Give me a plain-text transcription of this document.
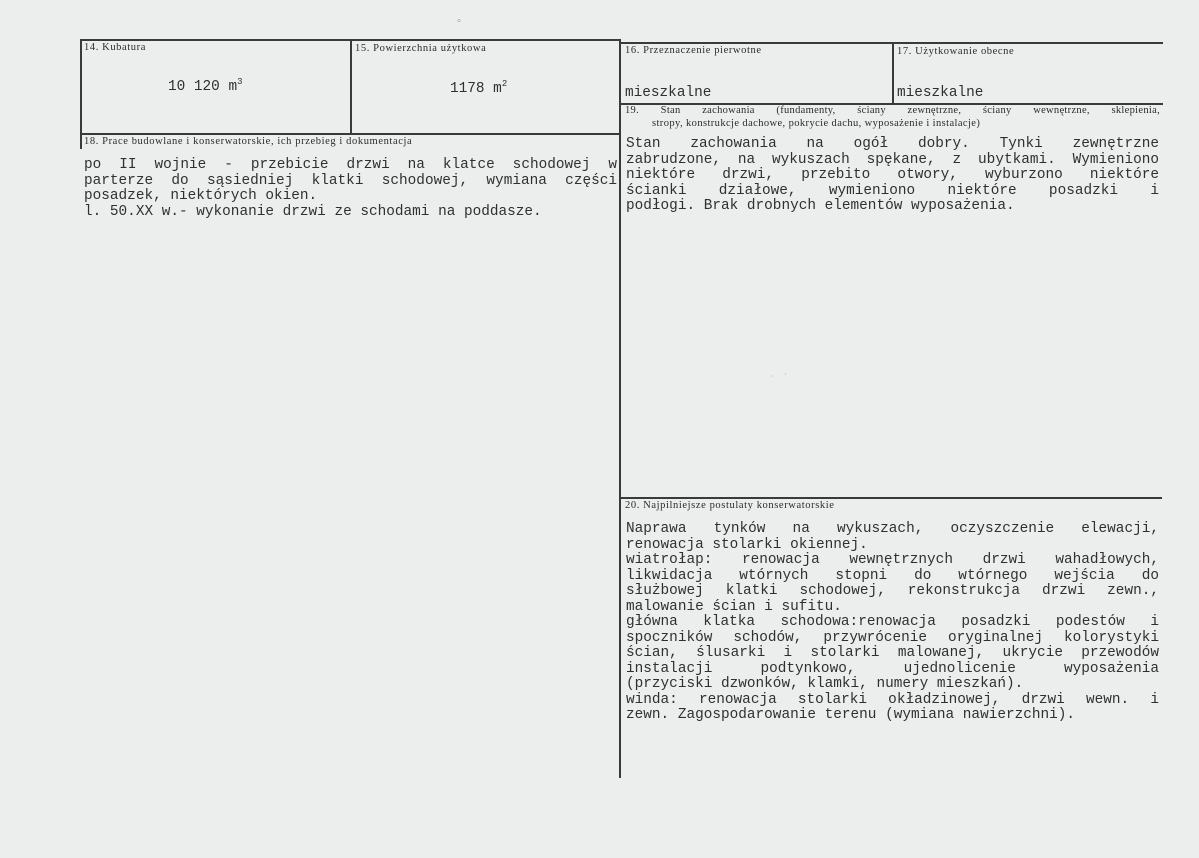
14. Kubatura
10 120 $m^3$
15. Powierzchnia użytkowa
1178 $m^2$
16. Przeznaczenie pierwotne
mieszkalne
17. Użytkowanie obecne
mieszkalne
18. Prace budowlane i konserwatorskie, ich przebieg i dokumentacja
po II wojnie - przebicie drzwi na klatce schodowej w
parterze do sąsiedniej klatki schodowej, wymiana części
posadzek, niektórych okien.
l. 50.XX w.- wykonanie drzwi ze schodami na poddasze.
19. Stan zachowania (fundamenty, ściany zewnętrzne, ściany wewnętrzne, sklepienia,
stropy, konstrukcje dachowe, pokrycie dachu, wyposażenie i instalacje)
Stan zachowania na ogół dobry. Tynki zewnętrzne
zabrudzone, na wykuszach spękane, z ubytkami. Wymieniono
niektóre drzwi, przebito otwory, wyburzono niektóre
ścianki działowe, wymieniono niektóre posadzki i
podłogi. Brak drobnych elementów wyposażenia.
20. Najpilniejsze postulaty konserwatorskie
Naprawa tynków na wykuszach, oczyszczenie elewacji,
renowacja stolarki okiennej.
wiatrołap: renowacja wewnętrznych drzwi wahadłowych,
likwidacja wtórnych stopni do wtórnego wejścia do
służbowej klatki schodowej, rekonstrukcja drzwi zewn.,
malowanie ścian i sufitu.
główna klatka schodowa:renowacja posadzki podestów i
spoczników schodów, przywrócenie oryginalnej kolorystyki
ścian, ślusarki i stolarki malowanej, ukrycie przewodów
instalacji podtynkowo, ujednolicenie wyposażenia
(przyciski dzwonków, klamki, numery mieszkań).
winda: renowacja stolarki okładzinowej, drzwi wewn. i
zewn. Zagospodarowanie terenu (wymiana nawierzchni).
°
· ·
